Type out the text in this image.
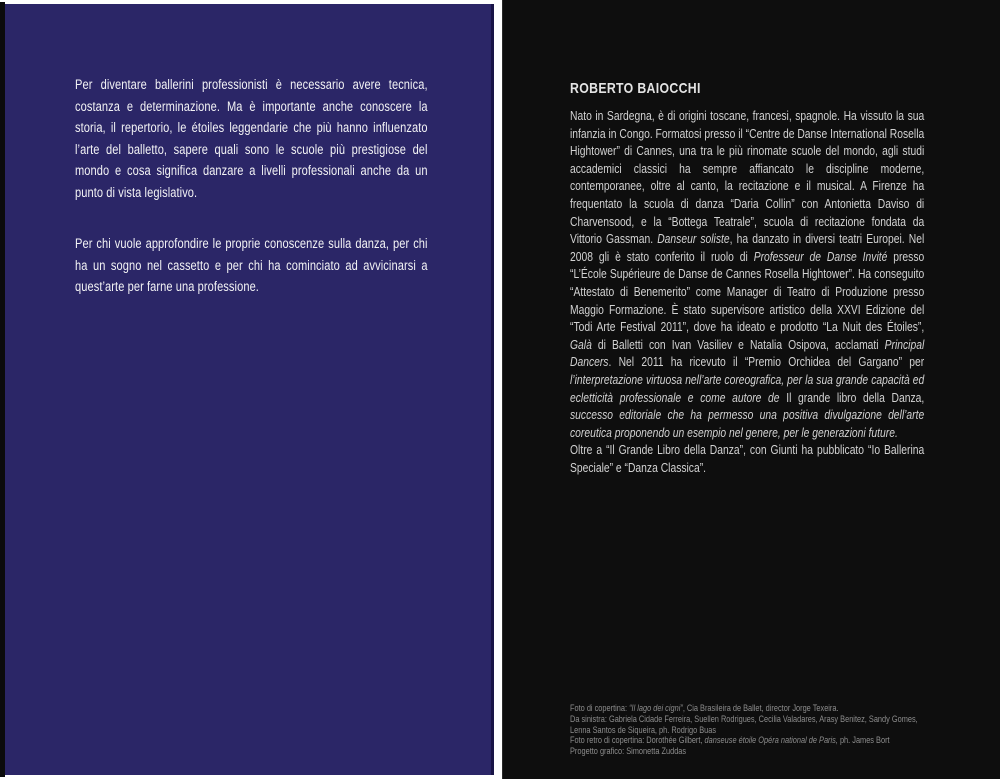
Per diventare ballerini professionisti è necessario avere tecnica, costanza e determinazione. Ma è importante anche conoscere la storia, il repertorio, le étoiles leggendarie che più hanno influenzato l’arte del balletto, sapere quali sono le scuole più prestigiose del mondo e cosa significa danzare a livelli professionali anche da un punto di vista legislativo.

Per chi vuole approfondire le proprie conoscenze sulla danza, per chi ha un sogno nel cassetto e per chi ha cominciato ad avvicinarsi a quest’arte per farne una professione.

ROBERTO BAIOCCHI

Nato in Sardegna, è di origini toscane, francesi, spagnole. Ha vissuto la sua infanzia in Congo. Formatosi presso il “Centre de Danse International Rosella Hightower” di Cannes, una tra le più rinomate scuole del mondo, agli studi accademici classici ha sempre affiancato le discipline moderne, contemporanee, oltre al canto, la recitazione e il musical. A Firenze ha frequentato la scuola di danza “Daria Collin” con Antonietta Daviso di Charvensood, e la “Bottega Teatrale”, scuola di recitazione fondata da Vittorio Gassman. Danseur soliste, ha danzato in diversi teatri Europei. Nel 2008 gli è stato conferito il ruolo di Professeur de Danse Invité presso “L’École Supérieure de Danse de Cannes Rosella Hightower”. Ha conseguito “Attestato di Benemerito” come Manager di Teatro di Produzione presso Maggio Formazione. È stato supervisore artistico della XXVI Edizione del “Todi Arte Festival 2011”, dove ha ideato e prodotto “La Nuit des Étoiles”, Galà di Balletti con Ivan Vasiliev e Natalia Osipova, acclamati Principal Dancers. Nel 2011 ha ricevuto il “Premio Orchidea del Gargano” per l’interpretazione virtuosa nell’arte coreografica, per la sua grande capacità ed ecletticità professionale e come autore de Il grande libro della Danza, successo editoriale che ha permesso una positiva divulgazione dell’arte coreutica proponendo un esempio nel genere, per le generazioni future.

Oltre a “Il Grande Libro della Danza”, con Giunti ha pubblicato “Io Ballerina Speciale” e “Danza Classica”.

Foto di copertina: “Il lago dei cigni”, Cia Brasileira de Ballet, director Jorge Texeira.
Da sinistra: Gabriela Cidade Ferreira, Suellen Rodrigues, Cecilia Valadares, Arasy Benitez, Sandy Gomes,
Lenna Santos de Siqueira, ph. Rodrigo Buas
Foto retro di copertina: Dorothée Gilbert, danseuse étoile Opéra national de Paris, ph. James Bort
Progetto grafico: Simonetta Zuddas
